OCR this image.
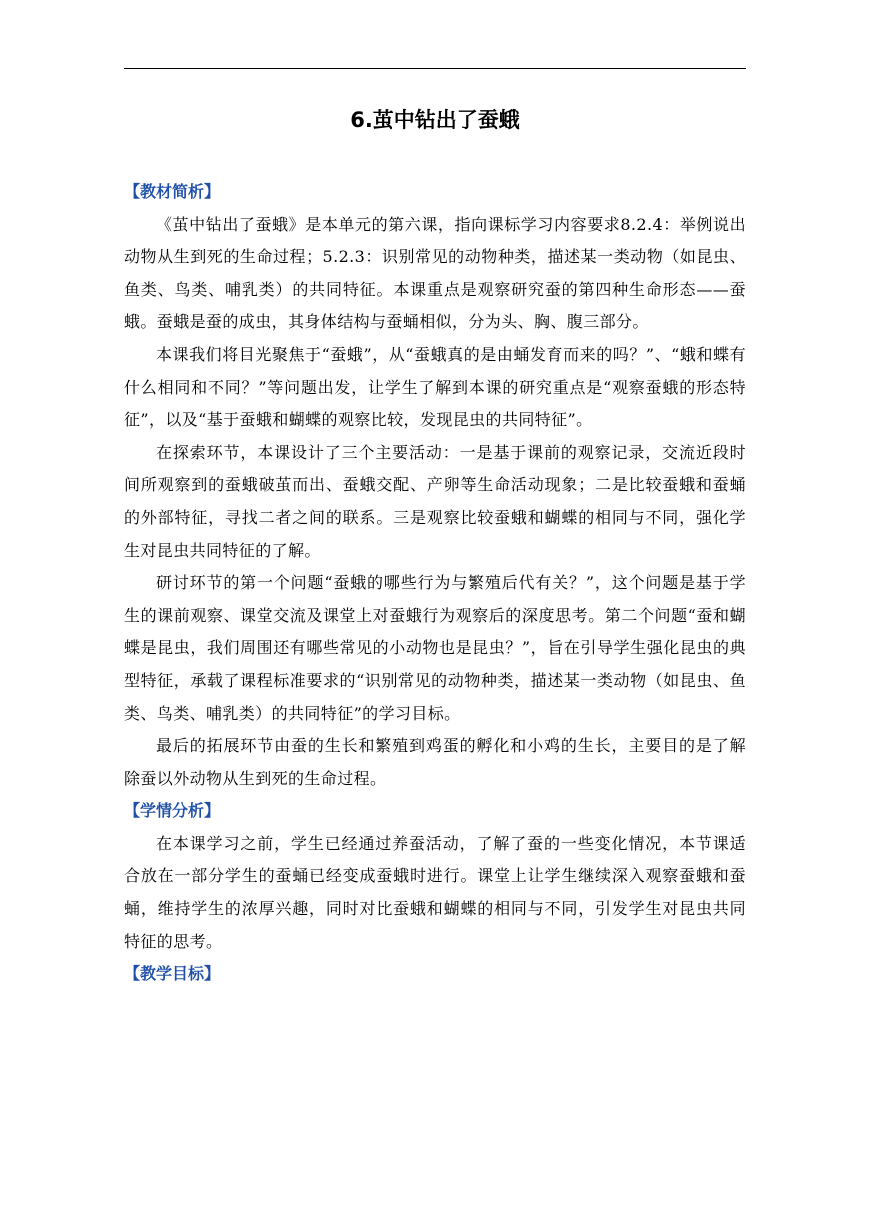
6.茧中钻出了蚕蛾
【教材简析】

《茧中钻出了蚕蛾》是本单元的第六课，指向课标学习内容要求8.2.4：举例说出动物从生到死的生命过程；5.2.3：识别常见的动物种类，描述某一类动物（如昆虫、鱼类、鸟类、哺乳类）的共同特征。本课重点是观察研究蚕的第四种生命形态——蚕蛾。蚕蛾是蚕的成虫，其身体结构与蚕蛹相似，分为头、胸、腹三部分。

本课我们将目光聚焦于“蚕蛾”，从“蚕蛾真的是由蛹发育而来的吗？”、“蛾和蝶有什么相同和不同？”等问题出发，让学生了解到本课的研究重点是“观察蚕蛾的形态特征”，以及“基于蚕蛾和蝴蝶的观察比较，发现昆虫的共同特征”。

在探索环节，本课设计了三个主要活动：一是基于课前的观察记录，交流近段时间所观察到的蚕蛾破茧而出、蚕蛾交配、产卵等生命活动现象；二是比较蚕蛾和蚕蛹的外部特征，寻找二者之间的联系。三是观察比较蚕蛾和蝴蝶的相同与不同，强化学生对昆虫共同特征的了解。

研讨环节的第一个问题“蚕蛾的哪些行为与繁殖后代有关？”，这个问题是基于学生的课前观察、课堂交流及课堂上对蚕蛾行为观察后的深度思考。第二个问题“蚕和蝴蝶是昆虫，我们周围还有哪些常见的小动物也是昆虫？”，旨在引导学生强化昆虫的典型特征，承载了课程标准要求的“识别常见的动物种类，描述某一类动物（如昆虫、鱼类、鸟类、哺乳类）的共同特征”的学习目标。

最后的拓展环节由蚕的生长和繁殖到鸡蛋的孵化和小鸡的生长，主要目的是了解除蚕以外动物从生到死的生命过程。

【学情分析】

在本课学习之前，学生已经通过养蚕活动，了解了蚕的一些变化情况，本节课适合放在一部分学生的蚕蛹已经变成蚕蛾时进行。课堂上让学生继续深入观察蚕蛾和蚕蛹，维持学生的浓厚兴趣，同时对比蚕蛾和蝴蝶的相同与不同，引发学生对昆虫共同特征的思考。

【教学目标】
